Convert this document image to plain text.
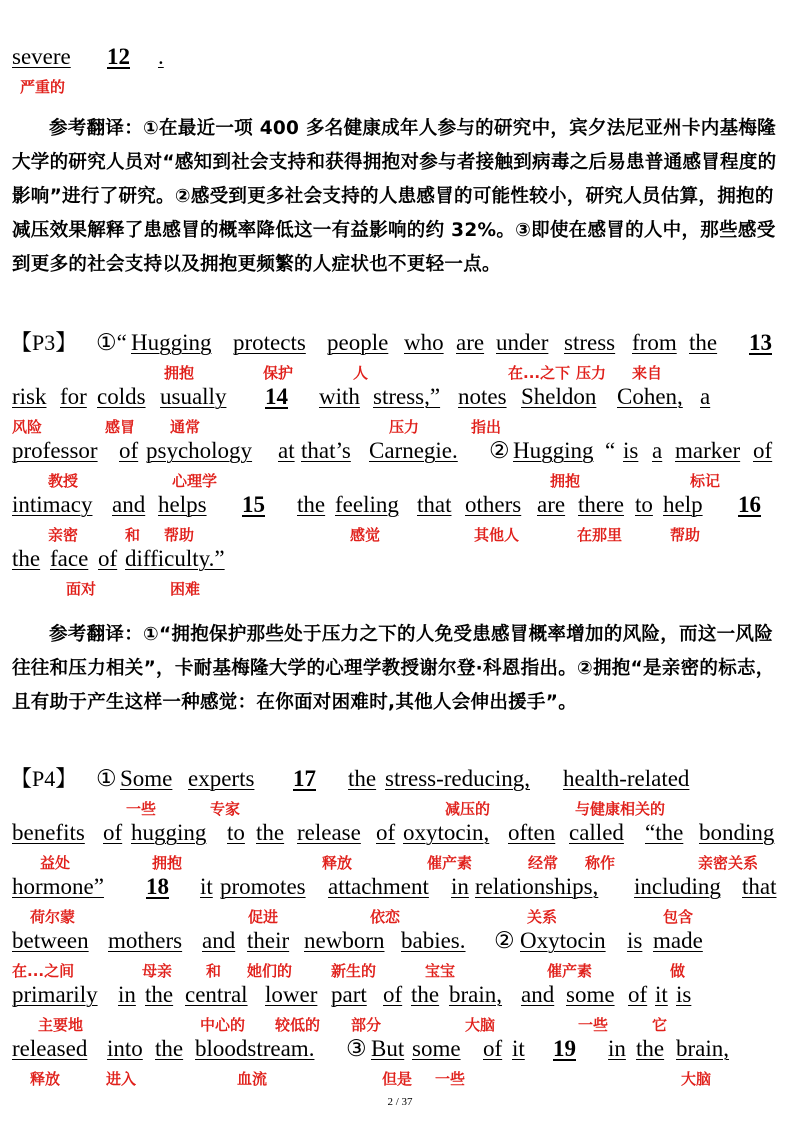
severe 12 .
严重的
参考翻译：①在最近一项 400 多名健康成年人参与的研究中，宾夕法尼亚州卡内基梅隆大学的研究人员对“感知到社会支持和获得拥抱对参与者接触到病毒之后易患普通感冒程度的影响”进行了研究。②感受到更多社会支持的人患感冒的可能性较小，研究人员估算，拥抱的减压效果解释了患感冒的概率降低这一有益影响的约 32%。③即使在感冒的人中，那些感受到更多的社会支持以及拥抱更频繁的人症状也不更轻一点。
【P3】 ①“ Hugging protects people who are under stress from the 13
拥抱	保护	人	在...之下 压力 来自
risk for colds usually 14 with stress,” notes Sheldon Cohen, a
风险	感冒 通常	压力	指出
professor of psychology at that’s Carnegie. ② Hugging “ is a marker of
教授	心理学	拥抱	标记
intimacy and helps 15 the feeling that others are there to help 16
亲密	和 帮助	感觉	其他人	在那里	帮助
the face of difficulty.”
面对	困难
参考翻译：①“拥抱保护那些处于压力之下的人免受患感冒概率增加的风险，而这一风险往往和压力相关”，卡耐基梅隆大学的心理学教授谢尔登·科恩指出。②拥抱“是亲密的标志，且有助于产生这样一种感觉：在你面对困难时,其他人会伸出援手”。
【P4】 ① Some experts 17 the stress-reducing, health-related
一些	专家	减压的	与健康相关的
benefits of hugging to the release of oxytocin, often called “the bonding
益处	拥抱	释放	催产素	经常 称作	亲密关系
hormone” 18 it promotes attachment in relationships, including that
荷尔蒙	促进	依恋	关系	包含
between mothers and their newborn babies. ② Oxytocin is made
在...之间	母亲 和 她们的	新生的	宝宝	催产素	做
primarily in the central lower part of the brain, and some of it is
主要地	中心的 较低的 部分	大脑	一些	它
released into the bloodstream. ③ But some of it 19 in the brain,
释放	进入	血流	但是 一些	大脑
2 / 37
